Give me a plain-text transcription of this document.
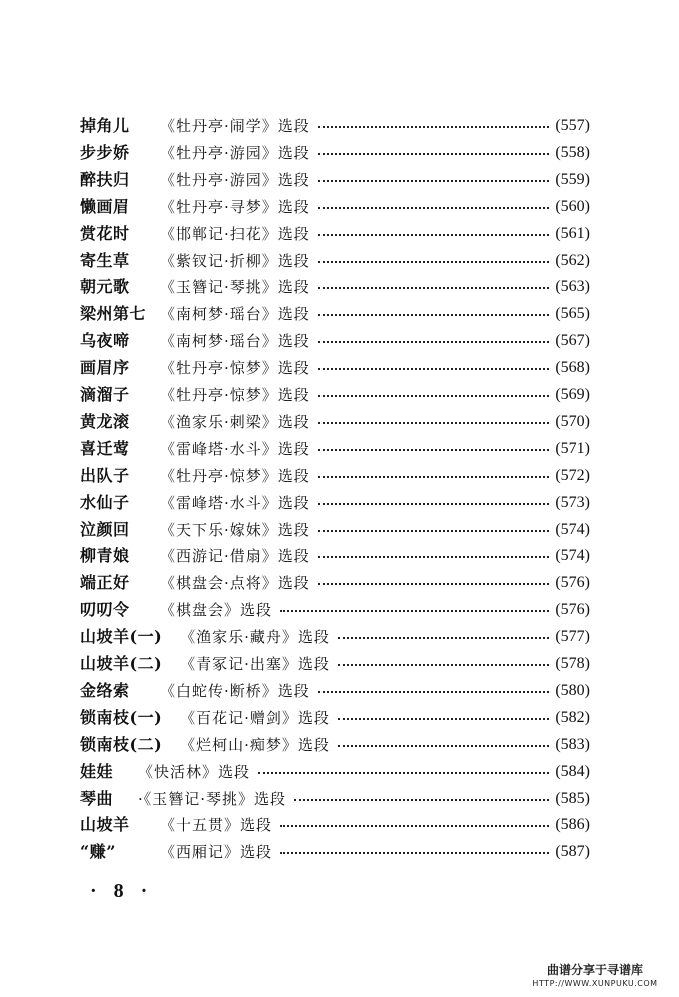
掉角儿 《牡丹亭·闹学》选段	(557)
步步娇 《牡丹亭·游园》选段	(558)
醉扶归 《牡丹亭·游园》选段	(559)
懒画眉 《牡丹亭·寻梦》选段	(560)
赏花时 《邯郸记·扫花》选段	(561)
寄生草 《紫钗记·折柳》选段	(562)
朝元歌 《玉簪记·琴挑》选段	(563)
梁州第七 《南柯梦·瑶台》选段	(565)
乌夜啼 《南柯梦·瑶台》选段	(567)
画眉序 《牡丹亭·惊梦》选段	(568)
滴溜子 《牡丹亭·惊梦》选段	(569)
黄龙滚 《渔家乐·刺梁》选段	(570)
喜迁莺 《雷峰塔·水斗》选段	(571)
出队子 《牡丹亭·惊梦》选段	(572)
水仙子 《雷峰塔·水斗》选段	(573)
泣颜回 《天下乐·嫁妹》选段	(574)
柳青娘 《西游记·借扇》选段	(574)
端正好 《棋盘会·点将》选段	(576)
叨叨令 《棋盘会》选段	(576)
山坡羊(一) 《渔家乐·藏舟》选段	(577)
山坡羊(二) 《青冢记·出塞》选段	(578)
金络索 《白蛇传·断桥》选段	(580)
锁南枝(一) 《百花记·赠剑》选段	(582)
锁南枝(二) 《烂柯山·痴梦》选段	(583)
娃娃 《快活林》选段	(584)
琴曲 ·《玉簪记·琴挑》选段	(585)
山坡羊 《十五贯》选段	(586)
“赚”	《西厢记》选段	(587)
· 8 ·
曲谱分享于寻谱库
HTTP://WWW.XUNPUKU.COM
